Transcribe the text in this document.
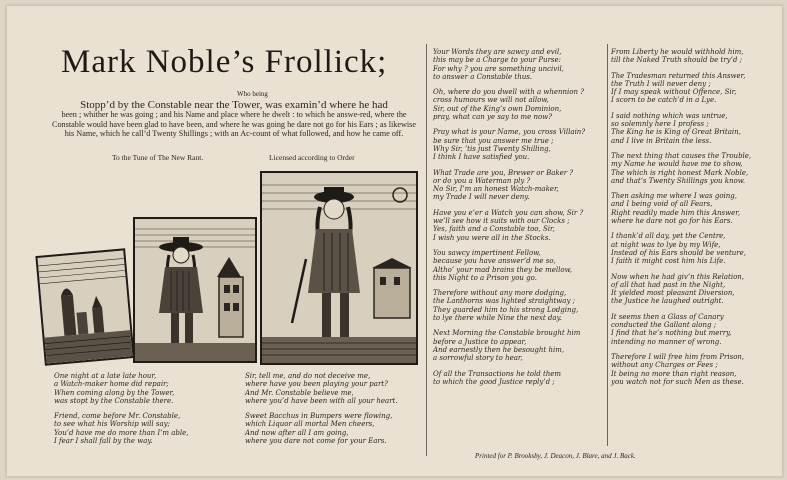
Mark Noble’s Frollick;
Who being
Stopp’d by the Constable near the Tower, was examin’d where he had
been ; whither he was going ; and his Name and place where he dwelt : to which he answe-red, where the Constable would have been glad to have been, and where he was going he dare not go for his Ears ; as likewise his Name, which he call’d Twenty Shillings ; with an Ac-count of what followed, and how he came off.
To the Tune of The New Rant.	Licensed according to Order

One night at a late late hour,

a Watch-maker home did repair;

When coming along by the Tower,

was stopt by the Constable there.

Friend, come before Mr. Constable,

to see what his Worship will say;

You’d have me do more than I’m able,

I fear I shall fall by the way.

Sir, tell me, and do not deceive me,

where have you been playing your part?

And Mr. Constable believe me,

where you’d have been with all your heart.

Sweet Bacchus in Bumpers were flowing,

which Liquor all mortal Men cheers,

And now after all I am going,

where you dare not come for your Ears.

Your Words they are sawcy and evil,

this may be a Charge to your Purse:

For why ? you are something uncivil,

to answer a Constable thus.

Oh, where do you dwell with a whennion ?

cross humours we will not allow,

Sir, out of the King’s own Dominion,

pray, what can ye say to me now?

Pray what is your Name, you cross Villain?

be sure that you answer me true ;

Why Sir, ’tis just Twenty Shilling,

I think I have satisfied you.

What Trade are you, Brewer or Baker ?

or do you a Waterman ply ?

No Sir, I’m an honest Watch-maker,

my Trade I will never deny.

Have you e’er a Watch you can show, Sir ?

we’ll see how it suits with our Clocks ;

Yes, faith and a Constable too, Sir,

I wish you were all in the Stocks.

You sawcy impertinent Fellow,

because you have answer’d me so,

Altho’ your mad brains they be mellow,

this Night to a Prison you go.

Therefore without any more dodging,

the Lanthorns was lighted straightway ;

They guarded him to his strong Lodging,

to lye there while Nine the next day.

Next Morning the Constable brought him

before a Justice to appear,

And earnestly then he besought him,

a sorrowful story to hear,

Of all the Transactions he told them

to which the good Justice reply’d ;

From Liberty he would withhold him,

till the Naked Truth should be try’d ;

The Tradesman returned this Answer,

the Truth I will never deny ;

If I may speak without Offence, Sir,

I scorn to be catch’d in a Lye.

I said nothing which was untrue,

so solemnly here I profess ;

The King he is King of Great Britain,

and I live in Britain the less.

The next thing that causes the Trouble,

my Name he would have me to show,

The which is right honest Mark Noble,

and that’s Twenty Shillings you know.

Then asking me where I was going,

and I being void of all Fears,

Right readily made him this Answer,

where he dare not go for his Ears.

I thank’d all day, yet the Centre,

at night was to lye by my Wife,

Instead of his Ears should be venture,

I faith it might cost him his Life.

Now when he had giv’n this Relation,

of all that had past in the Night,

It yielded most pleasant Diversion,

the Justice he laughed outright.

It seems then a Glass of Canary

conducted the Gallant along ;

I find that he’s nothing but merry,

intending no manner of wrong.

Therefore I will free him from Prison,

without any Charges or Fees ;

It being no more than right reason,

you watch not for such Men as these.

Printed for P. Brooksby, J. Deacon, J. Blare, and J. Back.
